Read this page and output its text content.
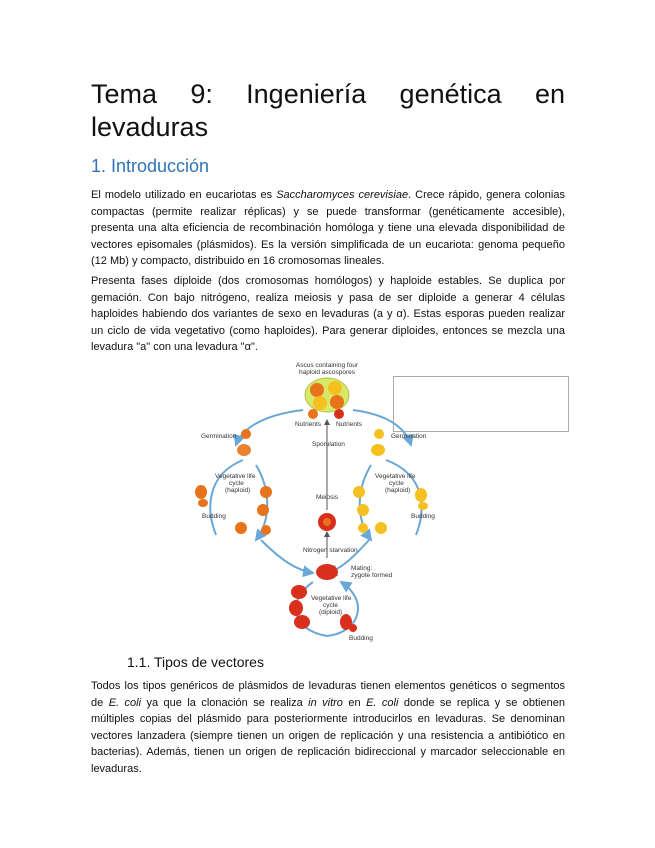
Tema 9: Ingeniería genética en
levaduras
1. Introducción

El modelo utilizado en eucariotas es Saccharomyces cerevisiae. Crece rápido, genera colonias compactas (permite realizar réplicas) y se puede transformar (genéticamente accesible), presenta una alta eficiencia de recombinación homóloga y tiene una elevada disponibilidad de vectores episomales (plásmidos). Es la versión simplificada de un eucariota: genoma pequeño (12 Mb) y compacto, distribuido en 16 cromosomas lineales.

Presenta fases diploide (dos cromosomas homólogos) y haploide estables. Se duplica por gemación. Con bajo nitrógeno, realiza meiosis y pasa de ser diploide a generar 4 células haploides habiendo dos variantes de sexo en levaduras (a y α). Estas esporas pueden realizar un ciclo de vida vegetativo (como haploides). Para generar diploides, entonces se mezcla una levadura "a" con una levadura "α".

Ascus containing four
haploid ascospores
Nutrients Nutrients
Germination
Vegetative life
cycle
(haploid)
Budding
Germination
Vegetative life
cycle
(haploid)
Budding
Sporulation
Meiosis
Nitrogen starvation
Mating:
zygote formed
Vegetative life
cycle
(diploid)
Budding
1.1. Tipos de vectores

Todos los tipos genéricos de plásmidos de levaduras tienen elementos genéticos o segmentos de E. coli ya que la clonación se realiza in vitro en E. coli donde se replica y se obtienen múltiples copias del plásmido para posteriormente introducirlos en levaduras. Se denominan vectores lanzadera (siempre tienen un origen de replicación y una resistencia a antibiótico en bacterias). Además, tienen un origen de replicación bidireccional y marcador seleccionable en levaduras.
